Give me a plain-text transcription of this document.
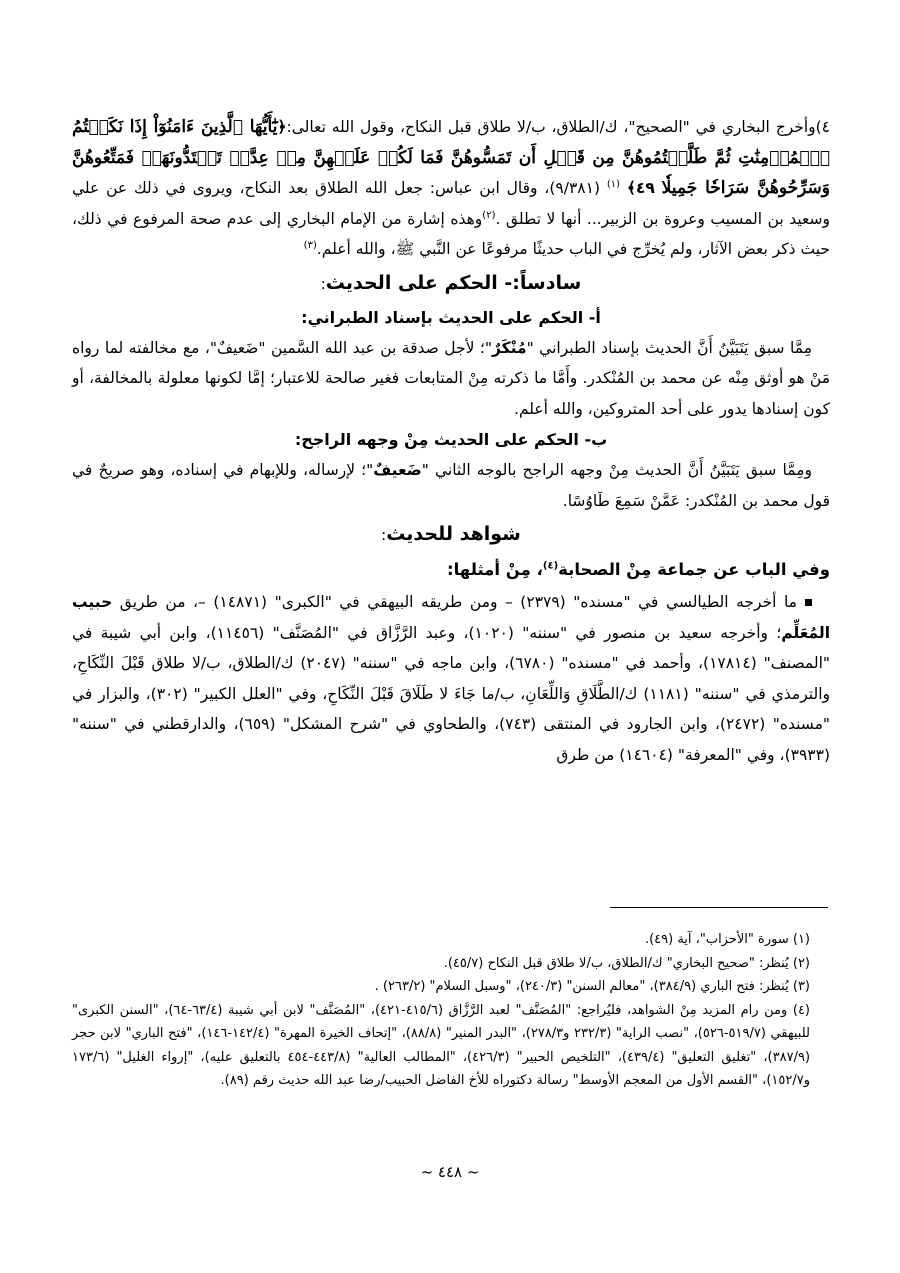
٤)وأخرج البخاري في "الصحيح"، ك/الطلاق، ب/لا طلاق قبل النكاح، وقول الله تعالى:﴿يَٰٓأَيُّهَا ٱلَّذِينَ ءَامَنُوٓاْ إِذَا نَكَحۡتُمُ ٱلۡمُؤۡمِنَٰتِ ثُمَّ طَلَّقۡتُمُوهُنَّ مِن قَبۡلِ أَن تَمَسُّوهُنَّ فَمَا لَكُمۡ عَلَيۡهِنَّ مِنۡ عِدَّةٖ تَعۡتَدُّونَهَاۖ فَمَتِّعُوهُنَّ وَسَرِّحُوهُنَّ سَرَاحٗا جَمِيلٗا ٤٩﴾ $^{(١)}$ (٩/٣٨١)، وقال ابن عباس: جعل الله الطلاق بعد النكاح، ويروى في ذلك عن علي وسعيد بن المسيب وعروة بن الزبير... أنها لا تطلق .$^{(٢)}$وهذه إشارة من الإمام البخاري إلى عدم صحة المرفوع في ذلك، حيث ذكر بعض الآثار، ولم يُخرِّج في الباب حديثًا مرفوعًا عن النَّبي ﷺ، والله أعلم.$^{(٣)}$

سادساً:- الحكم على الحديث:
أ- الحكم على الحديث بإسناد الطبراني:

مِمَّا سبق يَتَبَيَّنُ أَنَّ الحديث بإسناد الطبراني "مُنْكَرٌ"؛ لأجل صدقة بن عبد الله السَّمين "ضَعيفٌ"، مع مخالفته لما رواه مَنْ هو أوثق مِنْه عن محمد بن المُنْكدر. وأَمَّا ما ذكرته مِنْ المتابعات فغير صالحة للاعتبار؛ إمَّا لكونها معلولة بالمخالفة، أو كون إسنادها يدور على أحد المتروكين، والله أعلم.

ب- الحكم على الحديث مِنْ وجهه الراجح:

ومِمَّا سبق يَتَبَيَّنُ أَنَّ الحديث مِنْ وجهه الراجح بالوجه الثاني "ضَعيفٌ"؛ لإرساله، وللإبهام في إسناده، وهو صريحٌ في قول محمد بن المُنْكدر: عَمَّنْ سَمِعَ طَاوُسًا.

شواهد للحديث:

وفي الباب عن جماعة مِنْ الصحابة$^{(٤)}$، مِنْ أمثلها:

ما أخرجه الطيالسي في "مسنده" (٢٣٧٩) – ومن طريقه البيهقي في "الكبرى" (١٤٨٧١) –، من طريق حبيب المُعَلِّم؛ وأخرجه سعيد بن منصور في "سننه" (١٠٢٠)، وعبد الرَّزَّاق في "المُصَنَّف" (١١٤٥٦)، وابن أبي شيبة في "المصنف" (١٧٨١٤)، وأحمد في "مسنده" (٦٧٨٠)، وابن ماجه في "سننه" (٢٠٤٧) ك/الطلاق، ب/لا طلاق قَبْلَ النِّكَاحِ، والترمذي في "سننه" (١١٨١) ك/الطَّلَاقِ وَاللِّعَانِ، ب/ما جَاءَ لا طَلَاقَ قَبْلَ النِّكَاحِ، وفي "العلل الكبير" (٣٠٢)، والبزار في "مسنده" (٢٤٧٢)، وابن الجارود في المنتقى (٧٤٣)، والطحاوي في "شرح المشكل" (٦٥٩)، والدارقطني في "سننه" (٣٩٣٣)، وفي "المعرفة" (١٤٦٠٤) من طرق

(١) سورة "الأحزاب"، آية (٤٩).

(٢) يُنظر: "صحيح البخاري" ك/الطلاق، ب/لا طلاق قبل النكاح (٤٥/٧).

(٣) يُنظر: فتح الباري (٣٨٤/٩)، "معالم السنن" (٢٤٠/٣)، "وسبل السلام" (٢٦٣/٢) .

(٤) ومن رام المزيد مِنْ الشواهد، فليُراجع: "المُصَنَّف" لعبد الرَّزَّاق (٤١٥/٦-٤٢١)، "المُصَنَّف" لابن أبي شيبة (٦٣/٤-٦٤)، "السنن الكبرى" للبيهقي (٥١٩/٧-٥٢٦)، "نصب الراية" (٢٣٢/٣ و٢٧٨/٣)، "البدر المنير" (٨٨/٨)، "إتحاف الخيرة المهرة" (١٤٢/٤-١٤٦)، "فتح الباري" لابن حجر (٣٨٧/٩)، "تغليق التعليق" (٤٣٩/٤)، "التلخيص الحبير" (٤٢٦/٣)، "المطالب العالية" (٤٤٣/٨-٤٥٤ بالتعليق عليه)، "إرواء الغليل" (١٧٣/٦ و١٥٢/٧)، "القسم الأول من المعجم الأوسط" رسالة دكتوراه للأخ الفاضل الحبيب/رضا عبد الله حديث رقم (٨٩).

~ ٤٤٨ ~
